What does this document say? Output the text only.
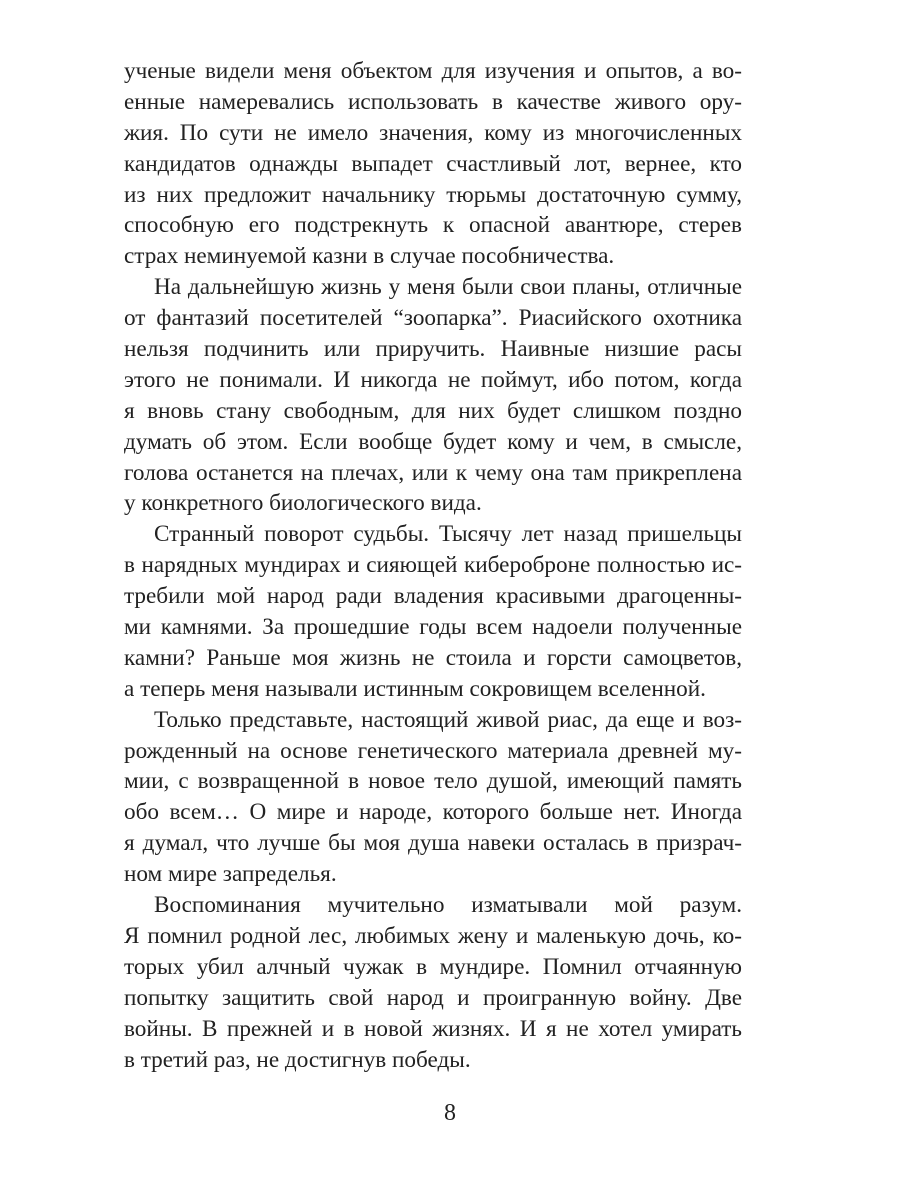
ученые видели меня объектом для изучения и опытов, а во-
енные намеревались использовать в качестве живого ору-
жия. По сути не имело значения, кому из многочисленных
кандидатов однажды выпадет счастливый лот, вернее, кто
из них предложит начальнику тюрьмы достаточную сумму,
способную его подстрекнуть к опасной авантюре, стерев
страх неминуемой казни в случае пособничества.
На дальнейшую жизнь у меня были свои планы, отличные
от фантазий посетителей “зоопарка”. Риасийского охотника
нельзя подчинить или приручить. Наивные низшие расы
этого не понимали. И никогда не поймут, ибо потом, когда
я вновь стану свободным, для них будет слишком поздно
думать об этом. Если вообще будет кому и чем, в смысле,
голова останется на плечах, или к чему она там прикреплена
у конкретного биологического вида.
Странный поворот судьбы. Тысячу лет назад пришельцы
в нарядных мундирах и сияющей кибероброне полностью ис-
требили мой народ ради владения красивыми драгоценны-
ми камнями. За прошедшие годы всем надоели полученные
камни? Раньше моя жизнь не стоила и горсти самоцветов,
а теперь меня называли истинным сокровищем вселенной.
Только представьте, настоящий живой риас, да еще и воз-
рожденный на основе генетического материала древней му-
мии, с возвращенной в новое тело душой, имеющий память
обо всем… О мире и народе, которого больше нет. Иногда
я думал, что лучше бы моя душа навеки осталась в призрач-
ном мире запределья.
Воспоминания мучительно изматывали мой разум.
Я помнил родной лес, любимых жену и маленькую дочь, ко-
торых убил алчный чужак в мундире. Помнил отчаянную
попытку защитить свой народ и проигранную войну. Две
войны. В прежней и в новой жизнях. И я не хотел умирать
в третий раз, не достигнув победы.
8
